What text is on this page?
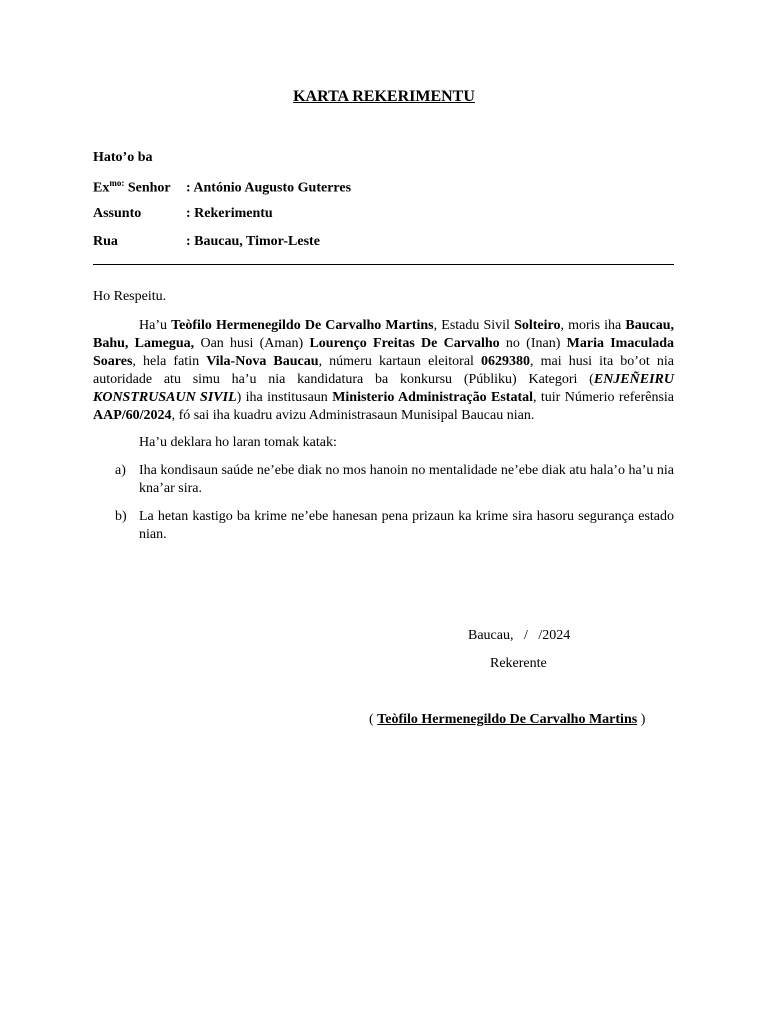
KARTA REKERIMENTU
Hato’o ba
$Ex^{mo:}$ Senhor : António Augusto Guterres
Assunto	: Rekerimentu
Rua	: Baucau, Timor-Leste

Ho Respeitu.

Ha’u Teòfilo Hermenegildo De Carvalho Martins, Estadu Sivil Solteiro, moris iha Baucau, Bahu, Lamegua, Oan husi (Aman) Lourenço Freitas De Carvalho no (Inan) Maria Imaculada Soares, hela fatin Vila-Nova Baucau, númeru kartaun eleitoral 0629380, mai husi ita bo’ot nia autoridade atu simu ha’u nia kandidatura ba konkursu (Públiku) Kategori (ENJEÑEIRU KONSTRUSAUN SIVIL) iha institusaun Ministerio Administração Estatal, tuir Númerio referênsia AAP/60/2024, fó sai iha kuadru avizu Administrasaun Munisipal Baucau nian.

Ha’u deklara ho laran tomak katak:

a) Iha kondisaun saúde ne’ebe diak no mos hanoin no mentalidade ne’ebe diak atu hala’o ha’u nia kna’ar sira.
b) La hetan kastigo ba krime ne’ebe hanesan pena prizaun ka krime sira hasoru segurança estado nian.
Baucau,   /   /2024
Rekerente
( Teòfilo Hermenegildo De Carvalho Martins )
